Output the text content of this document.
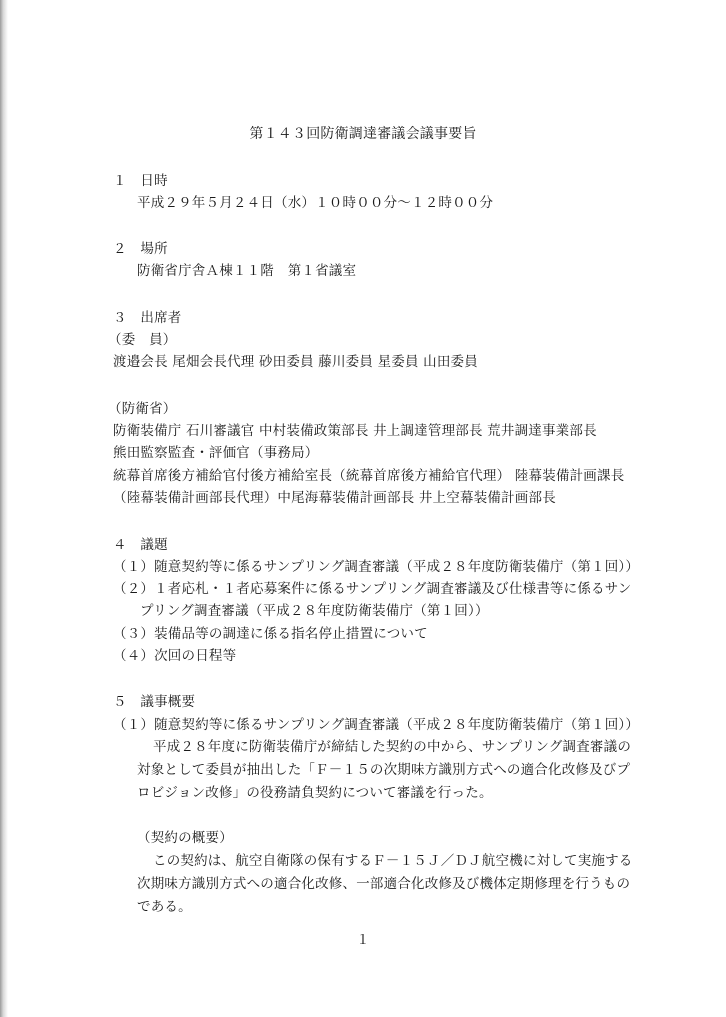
第１４３回防衛調達審議会議事要旨
１　日時
平成２９年５月２４日（水）１０時００分～１２時００分
２　場所
防衛省庁舎Ａ棟１１階　第１省議室
３　出席者
（委　員）
渡邉会長 尾畑会長代理 砂田委員 藤川委員 星委員 山田委員
（防衛省）
防衛装備庁 石川審議官 中村装備政策部長 井上調達管理部長 荒井調達事業部長
熊田監察監査・評価官（事務局）
統幕首席後方補給官付後方補給室長（統幕首席後方補給官代理） 陸幕装備計画課長
（陸幕装備計画部長代理）中尾海幕装備計画部長 井上空幕装備計画部長
４　議題
（１）随意契約等に係るサンプリング調査審議（平成２８年度防衛装備庁（第１回））
（２）１者応札・１者応募案件に係るサンプリング調査審議及び仕様書等に係るサン
プリング調査審議（平成２８年度防衛装備庁（第１回））
（３）装備品等の調達に係る指名停止措置について
（４）次回の日程等
５　議事概要
（１）随意契約等に係るサンプリング調査審議（平成２８年度防衛装備庁（第１回））
平成２８年度に防衛装備庁が締結した契約の中から、サンプリング調査審議の
対象として委員が抽出した「Ｆ－１５の次期味方識別方式への適合化改修及びプ
ロビジョン改修」の役務請負契約について審議を行った。
（契約の概要）
この契約は、航空自衛隊の保有するＦ－１５Ｊ／ＤＪ航空機に対して実施する
次期味方識別方式への適合化改修、一部適合化改修及び機体定期修理を行うもの
である。
１
